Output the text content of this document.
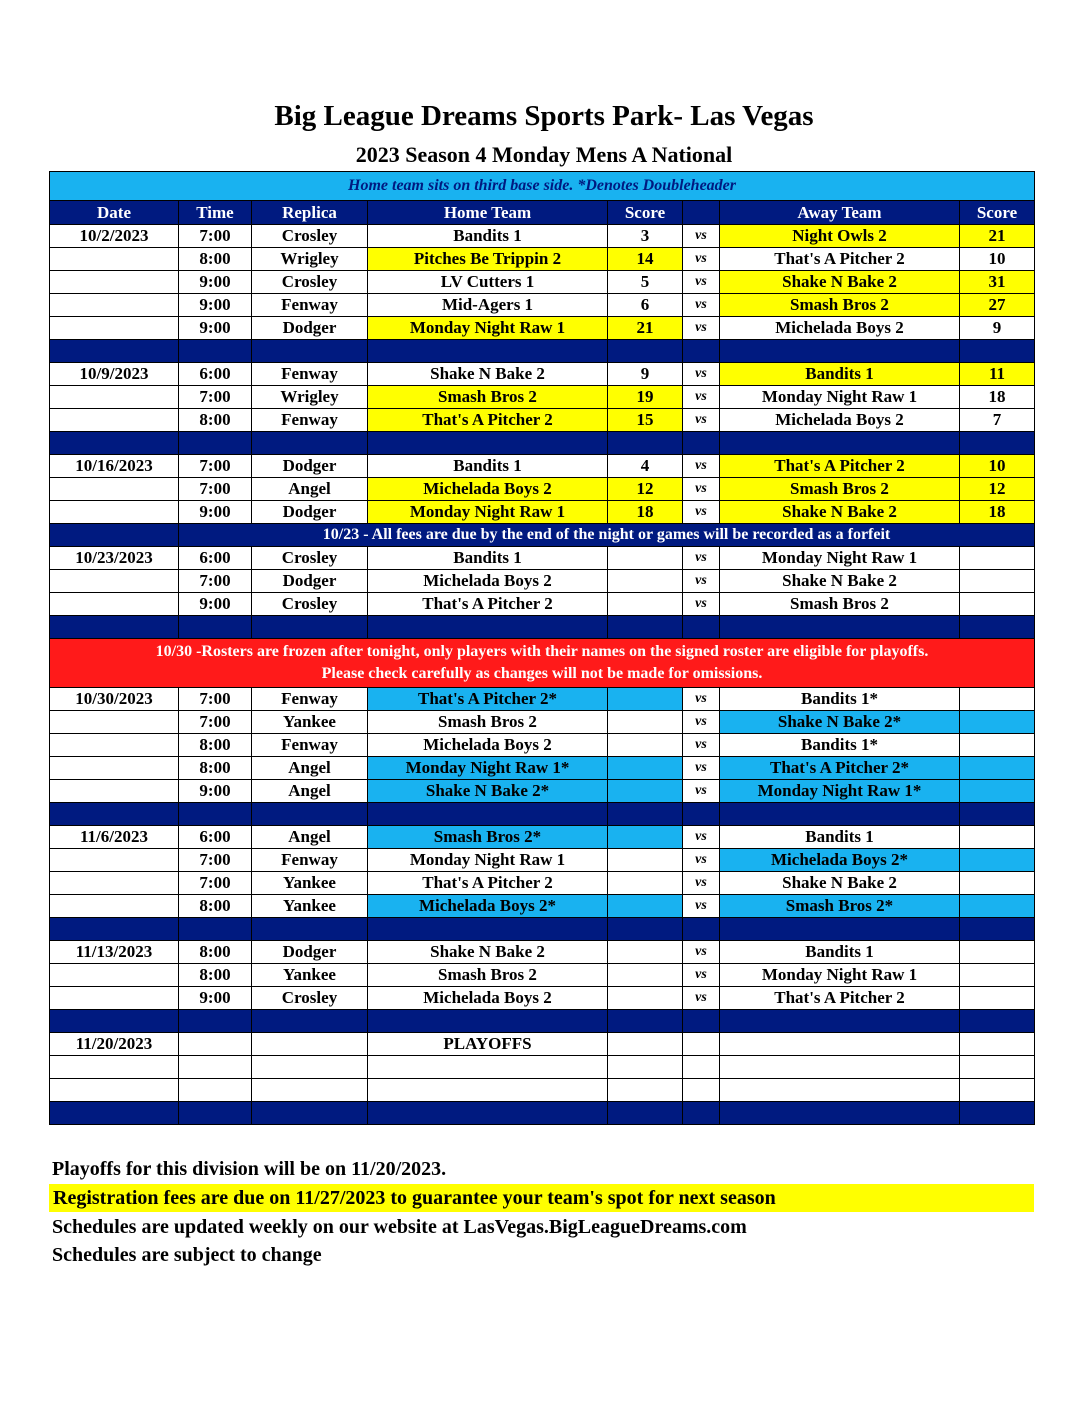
Big League Dreams Sports Park- Las Vegas
2023 Season 4 Monday Mens A National
Home team sits on third base side. *Denotes Doubleheader							
Date	Time	Replica	Home Team	Score		Away Team	Score
10/2/2023	7:00	Crosley	Bandits 1	3	vs	Night Owls 2	21
	8:00	Wrigley	Pitches Be Trippin 2	14	vs	That's A Pitcher 2	10
	9:00	Crosley	LV Cutters 1	5	vs	Shake N Bake 2	31
	9:00	Fenway	Mid-Agers 1	6	vs	Smash Bros 2	27
	9:00	Dodger	Monday Night Raw 1	21	vs	Michelada Boys 2	9

10/9/2023	6:00	Fenway	Shake N Bake 2	9	vs	Bandits 1	11
	7:00	Wrigley	Smash Bros 2	19	vs	Monday Night Raw 1	18
	8:00	Fenway	That's A Pitcher 2	15	vs	Michelada Boys 2	7

10/16/2023	7:00	Dodger	Bandits 1	4	vs	That's A Pitcher 2	10
	7:00	Angel	Michelada Boys 2	12	vs	Smash Bros 2	12
	9:00	Dodger	Monday Night Raw 1	18	vs	Shake N Bake 2	18
	10/23 - All fees are due by the end of the night or games will be recorded as a forfeit						
10/23/2023	6:00	Crosley	Bandits 1		vs	Monday Night Raw 1	
	7:00	Dodger	Michelada Boys 2		vs	Shake N Bake 2	
	9:00	Crosley	That's A Pitcher 2		vs	Smash Bros 2	

10/30 -Rosters are frozen after tonight, only players with their names on the signed roster are eligible for playoffs.
Please check carefully as changes will not be made for omissions.							

10/30/2023	7:00	Fenway	That's A Pitcher 2*		vs	Bandits 1*	
	7:00	Yankee	Smash Bros 2		vs	Shake N Bake 2*	
	8:00	Fenway	Michelada Boys 2		vs	Bandits 1*	
	8:00	Angel	Monday Night Raw 1*		vs	That's A Pitcher 2*	
	9:00	Angel	Shake N Bake 2*		vs	Monday Night Raw 1*	

11/6/2023	6:00	Angel	Smash Bros 2*		vs	Bandits 1	
	7:00	Fenway	Monday Night Raw 1		vs	Michelada Boys 2*	
	7:00	Yankee	That's A Pitcher 2		vs	Shake N Bake 2	
	8:00	Yankee	Michelada Boys 2*		vs	Smash Bros 2*	

11/13/2023	8:00	Dodger	Shake N Bake 2		vs	Bandits 1	
	8:00	Yankee	Smash Bros 2		vs	Monday Night Raw 1	
	9:00	Crosley	Michelada Boys 2		vs	That's A Pitcher 2	

11/20/2023			PLAYOFFS				

Playoffs for this division will be on 11/20/2023.
Registration fees are due on 11/27/2023 to guarantee your team's spot for next season
Schedules are updated weekly on our website at LasVegas.BigLeagueDreams.com
Schedules are subject to change
